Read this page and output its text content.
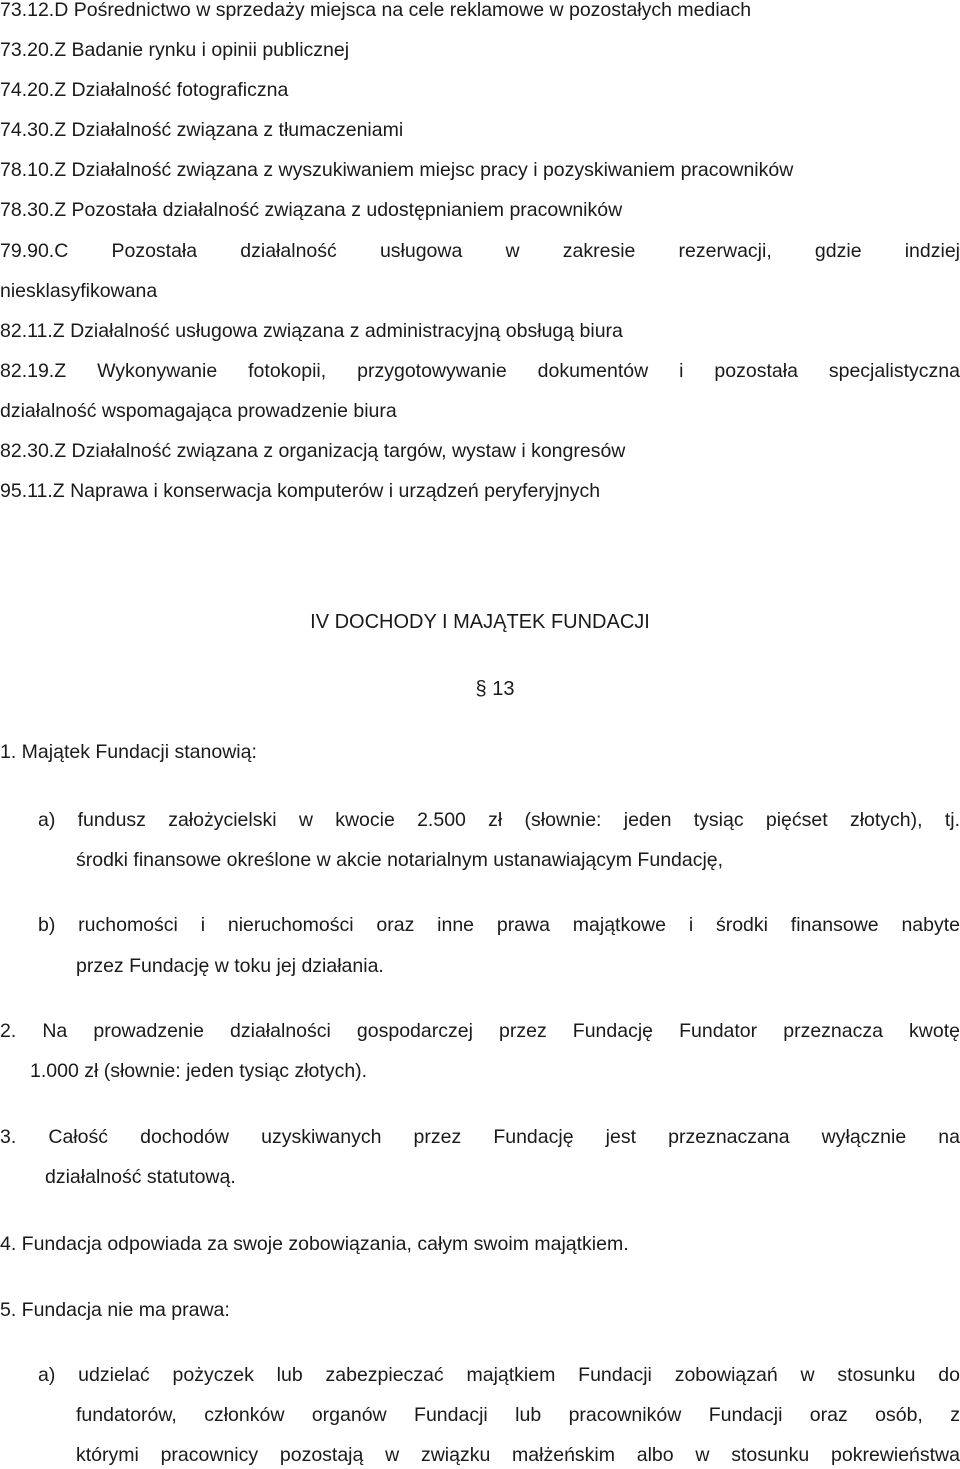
73.12.D Pośrednictwo w sprzedaży miejsca na cele reklamowe w pozostałych mediach
73.20.Z Badanie rynku i opinii publicznej
74.20.Z Działalność fotograficzna
74.30.Z Działalność związana z tłumaczeniami
78.10.Z Działalność związana z wyszukiwaniem miejsc pracy i pozyskiwaniem pracowników
78.30.Z Pozostała działalność związana z udostępnianiem pracowników
79.90.C Pozostała działalność usługowa w zakresie rezerwacji, gdzie indziej
niesklasyfikowana
82.11.Z Działalność usługowa związana z administracyjną obsługą biura
82.19.Z Wykonywanie fotokopii, przygotowywanie dokumentów i pozostała specjalistyczna
działalność wspomagająca prowadzenie biura
82.30.Z Działalność związana z organizacją targów, wystaw i kongresów
95.11.Z Naprawa i konserwacja komputerów i urządzeń peryferyjnych
IV DOCHODY I MAJĄTEK FUNDACJI
§ 13
1. Majątek Fundacji stanowią:
a) fundusz założycielski w kwocie 2.500 zł (słownie: jeden tysiąc pięćset złotych), tj.
środki finansowe określone w akcie notarialnym ustanawiającym Fundację,
b) ruchomości i nieruchomości oraz inne prawa majątkowe i środki finansowe nabyte
przez Fundację w toku jej działania.
2. Na prowadzenie działalności gospodarczej przez Fundację Fundator przeznacza kwotę
1.000 zł (słownie: jeden tysiąc złotych).
3. Całość dochodów uzyskiwanych przez Fundację jest przeznaczana wyłącznie na
działalność statutową.
4. Fundacja odpowiada za swoje zobowiązania, całym swoim majątkiem.
5. Fundacja nie ma prawa:
a) udzielać pożyczek lub zabezpieczać majątkiem Fundacji zobowiązań w stosunku do
fundatorów, członków organów Fundacji lub pracowników Fundacji oraz osób, z
którymi pracownicy pozostają w związku małżeńskim albo w stosunku pokrewieństwa
